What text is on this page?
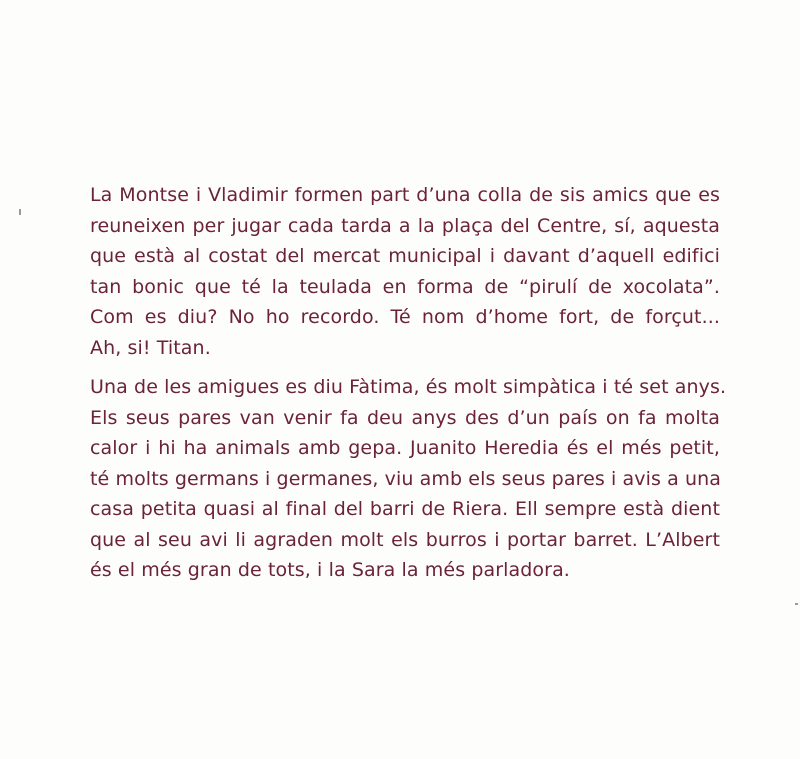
La Montse i Vladimir formen part d’una colla de sis amics que es
reuneixen per jugar cada tarda a la plaça del Centre, sí, aquesta
que està al costat del mercat municipal i davant d’aquell edifici
tan bonic que té la teulada en forma de “pirulí de xocolata”.
Com es diu? No ho recordo. Té nom d’home fort, de forçut...
Ah, si! Titan.
Una de les amigues es diu Fàtima, és molt simpàtica i té set anys.
Els seus pares van venir fa deu anys des d’un país on fa molta
calor i hi ha animals amb gepa. Juanito Heredia és el més petit,
té molts germans i germanes, viu amb els seus pares i avis a una
casa petita quasi al final del barri de Riera. Ell sempre està dient
que al seu avi li agraden molt els burros i portar barret. L’Albert
és el més gran de tots, i la Sara la més parladora.
